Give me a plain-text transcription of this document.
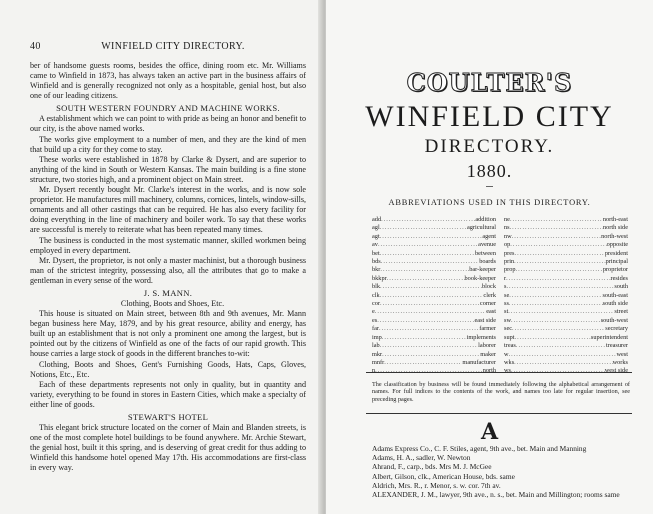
40	WINFIELD CITY DIRECTORY.

ber of handsome guests rooms, besides the office, dining room etc. Mr. Williams came to Winfield in 1873, has always taken an active part in the business affairs of Winfield and is generally recognized not only as a hospitable, genial host, but also one of our leading citizens.

SOUTH WESTERN FOUNDRY AND MACHINE WORKS.

A establishment which we can point to with pride as being an honor and benefit to our city, is the above named works.

The works give employment to a number of men, and they are the kind of men that build up a city for they come to stay.

These works were established in 1878 by Clarke & Dysert, and are superior to anything of the kind in South or Western Kansas. The main building is a fine stone structure, two stories high, and a prominent object on Main street.

Mr. Dysert recently bought Mr. Clarke's interest in the works, and is now sole proprietor. He manufactures mill machinery, columns, cornices, lintels, window-sills, ornaments and all other castings that can be required. He has also every facility for doing everything in the line of machinery and boiler work. To say that these works are successful is merely to reiterate what has been repeated many times.

The business is conducted in the most systematic manner, skilled workmen being employed in every department.

Mr. Dysert, the proprietor, is not only a master machinist, but a thorough business man of the strictest integrity, possessing also, all the attributes that go to make a gentleman in every sense of the word.

J. S. MANN.

Clothing, Boots and Shoes, Etc.

This house is situated on Main street, between 8th and 9th avenues, Mr. Mann began business here May, 1879, and by his great resource, ability and energy, has built up an establishment that is not only a prominent one among the largest, but is pointed out by the citizens of Winfield as one of the facts of our rapid growth. This house carries a large stock of goods in the different branches to-wit:

Clothing, Boots and Shoes, Gent's Furnishing Goods, Hats, Caps, Gloves, Notions, Etc., Etc.

Each of these departments represents not only in quality, but in quantity and variety, everything to be found in stores in Eastern Cities, which make a specialty of either line of goods.

STEWART'S HOTEL

This elegant brick structure located on the corner of Main and Blanden streets, is one of the most complete hotel buildings to be found anywhere. Mr. Archie Stewart, the genial host, built it this spring, and is deserving of great credit for thus adding to Winfield this handsome hotel opened May 17th. His accommodations are first-class in every way.

COULTER'S
WINFIELD CITY
DIRECTORY.
1880.
ABBREVIATIONS USED IN THIS DIRECTORY.
add .....	addition
agl .....	agricultural
agt .....	agent
av .....	avenue
bet .....	between
bds .....	boards
bkr .....	bar-keeper
bkkpr .....	book-keeper
blk .....	block
clk .....	clerk
cor .....	corner
e .....	east
es .....	east side
far .....	farmer
imp .....	implements
lab .....	laborer
mkr .....	maker
mnfr .....	manufacturer
n .....	north
ne .....	north-east
ns .....	north side
nw .....	north-west
op .....	opposite
pres .....	president
prin .....	principal
prop .....	proprietor
r .....	resides
s .....	south
se .....	south-east
ss .....	south side
st .....	street
sw .....	south-west
sec .....	secretary
supt .....	superintendent
treas .....	treasurer
w .....	west
wks .....	works
ws .....	west side
The classification by business will be found immediately following the alphabetical arrangement of names. For full indices to the contents of the work, and names too late for regular insertion, see preceding pages.
A

Adams Express Co., C. F. Stiles, agent, 9th ave., bet. Main and Manning

Adams, H. A., sadler, W. Newton

Ahrand, F., carp., bds. Mrs M. J. McGee

Albert, Gilson, clk., American House, bds. same

Aldrich, Mrs. R., r. Menor, s. w. cor. 7th av.

ALEXANDER, J. M., lawyer, 9th ave., n. s., bet. Main and Millington; rooms same
